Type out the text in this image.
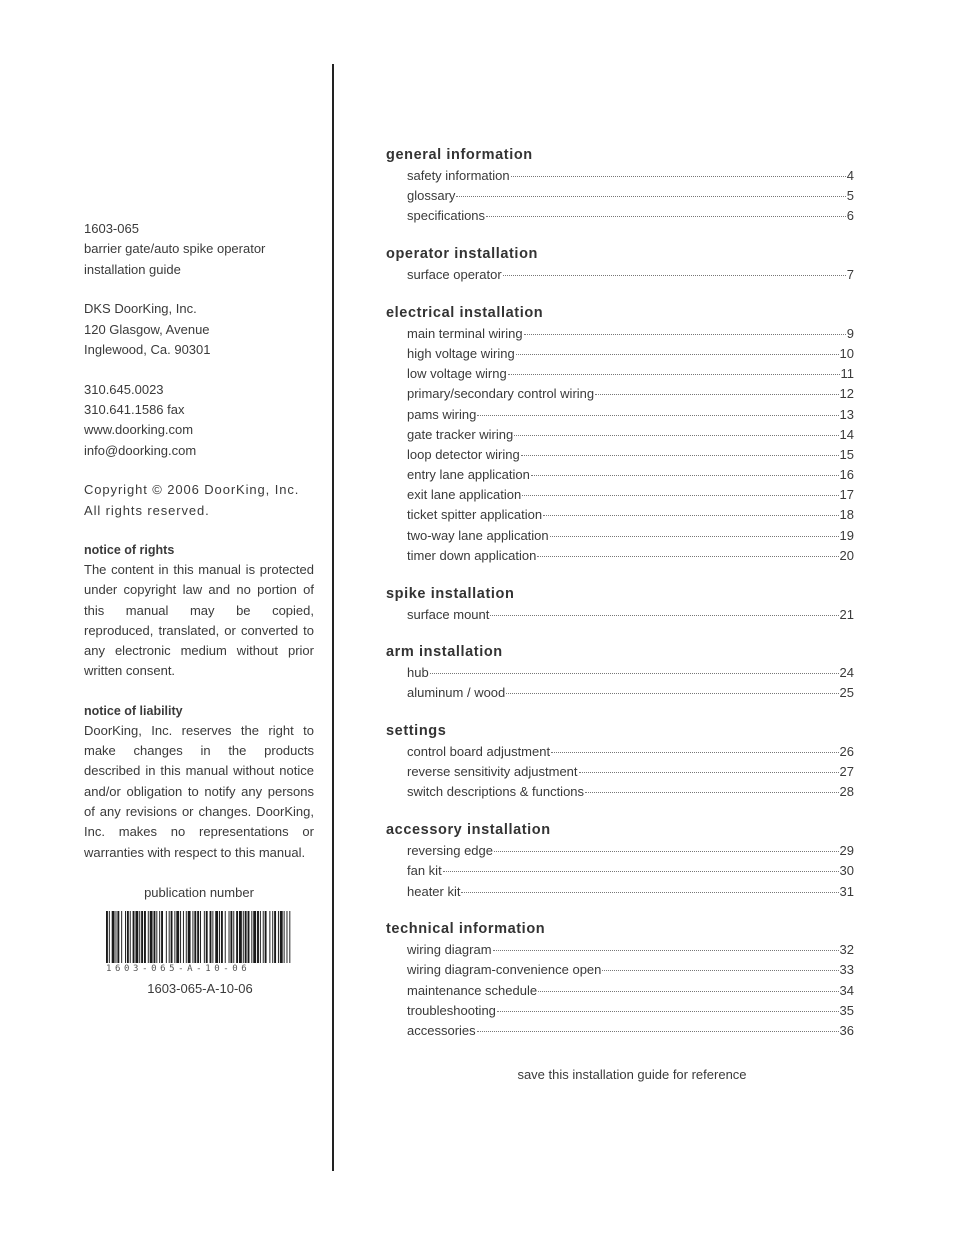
1603-065
barrier gate/auto spike operator
installation guide
DKS DoorKing, Inc.
120 Glasgow, Avenue
Inglewood, Ca. 90301
310.645.0023
310.641.1586 fax
www.doorking.com
info@doorking.com
Copyright © 2006 DoorKing, Inc.
All rights reserved.
notice of rights
The content in this manual is protected under copyright law and no portion of this manual may be copied, reproduced, translated, or converted to any electronic medium without prior written consent.
notice of liability
DoorKing, Inc. reserves the right to make changes in the products described in this manual without notice and/or obligation to notify any persons of any revisions or changes. DoorKing, Inc. makes no representations or warranties with respect to this manual.
publication number
1603-065-A-10-06
1603-065-A-10-06
general information
safety information	4
glossary	5
specifications	6
operator installation
surface operator	7
electrical installation
main terminal wiring	9
high voltage wiring	10
low voltage wirng	11
primary/secondary control wiring	12
pams wiring	13
gate tracker wiring	14
loop detector wiring	15
entry lane application	16
exit lane application	17
ticket spitter application	18
two-way lane application	19
timer down application	20
spike installation
surface mount	21
arm installation
hub	24
aluminum / wood	25
settings
control board adjustment	26
reverse sensitivity adjustment	27
switch descriptions & functions	28
accessory installation
reversing edge	29
fan kit	30
heater kit	31
technical information
wiring diagram	32
wiring diagram-convenience open	33
maintenance schedule	34
troubleshooting	35
accessories	36
save this installation guide for reference
